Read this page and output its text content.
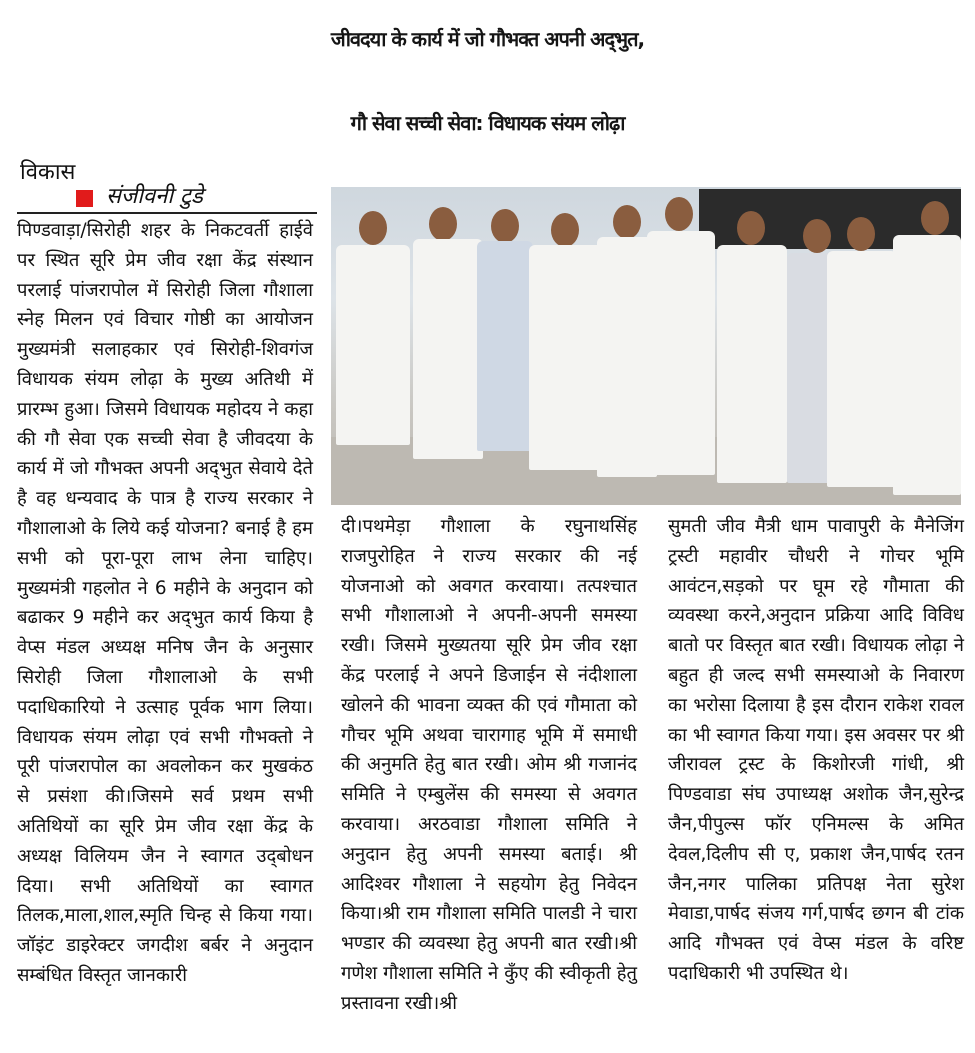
जीवदया के कार्य में जो गौभक्त अपनी अद्‌भुत,
गौ सेवा सच्ची सेवा: विधायक संयम लोढ़ा
विकास
संजीवनी टुडे

पिण्डवाड़ा/सिरोही शहर के निकटवर्ती हाईवे पर स्थित सूरि प्रेम जीव रक्षा केंद्र संस्थान परलाई पांजरापोल में सिरोही जिला गौशाला स्नेह मिलन एवं विचार गोष्ठी का आयोजन मुख्यमंत्री सलाहकार एवं सिरोही-शिवगंज विधायक संयम लोढ़ा के मुख्य अतिथी में प्रारम्भ हुआ। जिसमे विधायक महोदय ने कहा की गौ सेवा एक सच्ची सेवा है जीवदया के कार्य में जो गौभक्त अपनी अद्‌भुत सेवाये देते है वह धन्यवाद के पात्र है राज्य सरकार ने गौशालाओ के लिये कई योजना? बनाई है हम सभी को पूरा-पूरा लाभ लेना चाहिए। मुख्यमंत्री गहलोत ने 6 महीने के अनुदान को बढाकर 9 महीने कर अद्‌भुत कार्य किया है वेप्स मंडल अध्यक्ष मनिष जैन के अनुसार सिरोही जिला गौशालाओ के सभी पदाधिकारियो ने उत्साह पूर्वक भाग लिया। विधायक संयम लोढ़ा एवं सभी गौभक्तो ने पूरी पांजरापोल का अवलोकन कर मुखकंठ से प्रसंशा की।जिसमे सर्व प्रथम सभी अतिथियों का सूरि प्रेम जीव रक्षा केंद्र के अध्यक्ष विलियम जैन ने स्वागत उद्‌बोधन दिया। सभी अतिथियों का स्वागत तिलक,माला,शाल,स्मृति चिन्ह से किया गया।जॉइंट डाइरेक्टर जगदीश बर्बर ने अनुदान सम्बंधित विस्तृत जानकारी

दी।पथमेड़ा गौशाला के रघुनाथसिंह राजपुरोहित ने राज्य सरकार की नई योजनाओ को अवगत करवाया। तत्पश्चात सभी गौशालाओ ने अपनी-अपनी समस्या रखी। जिसमे मुख्यतया सूरि प्रेम जीव रक्षा केंद्र परलाई ने अपने डिजाईन से नंदीशाला खोलने की भावना व्यक्त की एवं गौमाता को गौचर भूमि अथवा चारागाह भूमि में समाधी की अनुमति हेतु बात रखी। ओम श्री गजानंद समिति ने एम्बुलेंस की समस्या से अवगत करवाया। अरठवाडा गौशाला समिति ने अनुदान हेतु अपनी समस्या बताई। श्री आदिश्वर गौशाला ने सहयोग हेतु निवेदन किया।श्री राम गौशाला समिति पालडी ने चारा भण्डार की व्यवस्था हेतु अपनी बात रखी।श्री गणेश गौशाला समिति ने कुँए की स्वीकृती हेतु प्रस्तावना रखी।श्री

सुमती जीव मैत्री धाम पावापुरी के मैनेजिंग ट्रस्टी महावीर चौधरी ने गोचर भूमि आवंटन,सड़को पर घूम रहे गौमाता की व्यवस्था करने,अनुदान प्रक्रिया आदि विविध बातो पर विस्तृत बात रखी। विधायक लोढ़ा ने बहुत ही जल्द सभी समस्याओ के निवारण का भरोसा दिलाया है इस दौरान राकेश रावल का भी स्वागत किया गया। इस अवसर पर श्री जीरावल ट्रस्ट के किशोरजी गांधी, श्री पिण्डवाडा संघ उपाध्यक्ष अशोक जैन,सुरेन्द्र जैन,पीपुल्स फॉर एनिमल्स के अमित देवल,दिलीप सी ए, प्रकाश जैन,पार्षद रतन जैन,नगर पालिका प्रतिपक्ष नेता सुरेश मेवाडा,पार्षद संजय गर्ग,पार्षद छगन बी टांक आदि गौभक्त एवं वेप्स मंडल के वरिष्ट पदाधिकारी भी उपस्थित थे।
